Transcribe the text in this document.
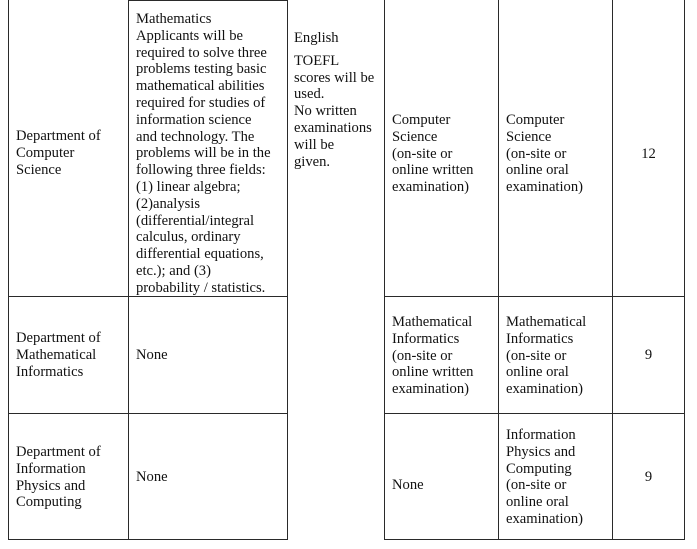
Department of
Computer
Science
Mathematics
Applicants will be
required to solve three
problems testing basic
mathematical abilities
required for studies of
information science
and technology. The
problems will be in the
following three fields:
(1) linear algebra;
(2)analysis
(differential/integral
calculus, ordinary
differential equations,
etc.); and (3)
probability / statistics.
English
TOEFL
scores will be
used.
No written
examinations
will be
given.
Computer
Science
(on-site or
online written
examination)
Computer
Science
(on-site or
online oral
examination)
12
Department of
Mathematical
Informatics
None
Mathematical
Informatics
(on-site or
online written
examination)
Mathematical
Informatics
(on-site or
online oral
examination)
9
Department of
Information
Physics and
Computing
None	None
Information
Physics and
Computing
(on-site or
online oral
examination)
9
